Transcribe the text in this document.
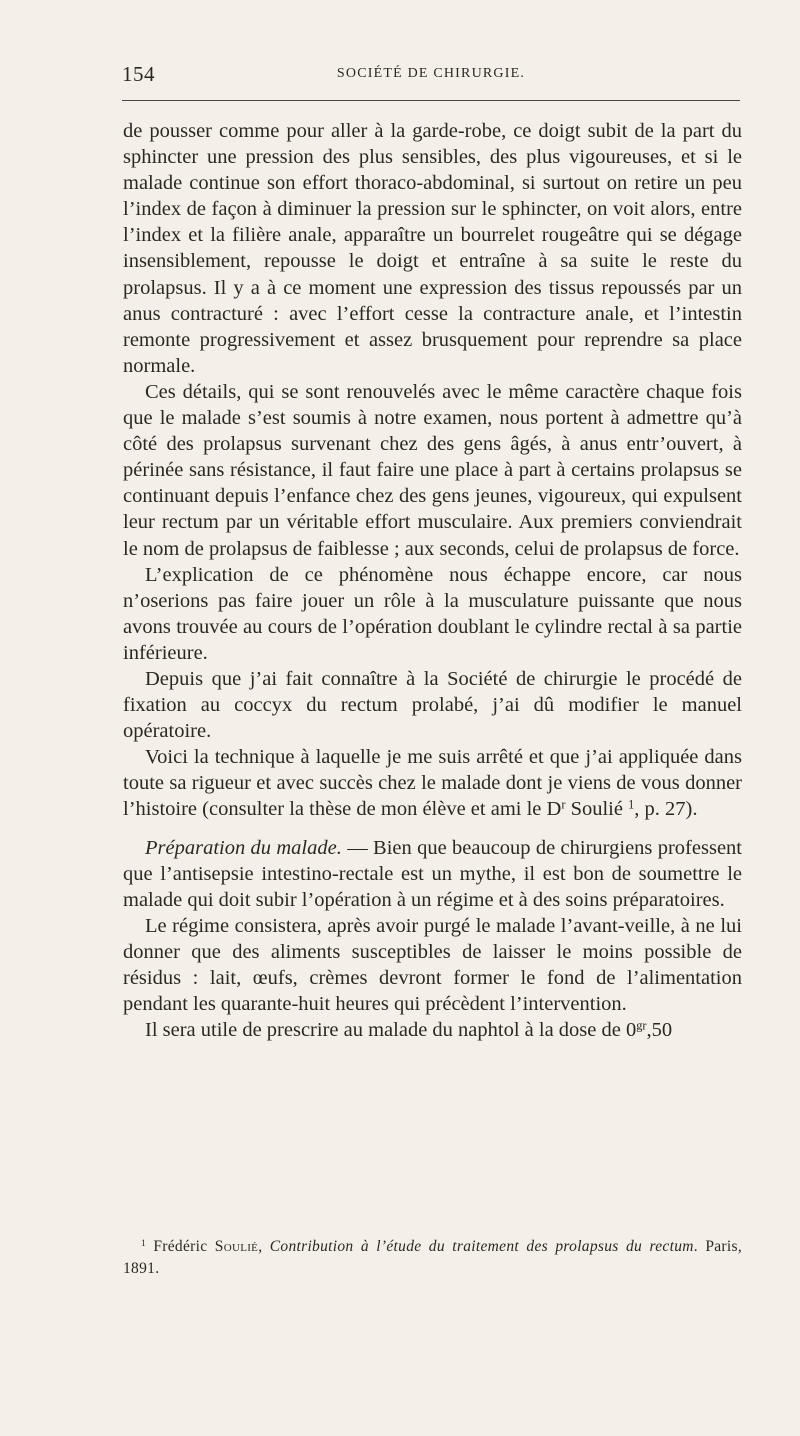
154	SOCIÉTÉ DE CHIRURGIE.

de pousser comme pour aller à la garde-robe, ce doigt subit de la part du sphincter une pression des plus sensibles, des plus vigoureuses, et si le malade continue son effort thoraco-abdominal, si surtout on retire un peu l’index de façon à diminuer la pression sur le sphincter, on voit alors, entre l’index et la filière anale, apparaître un bourrelet rougeâtre qui se dégage insensiblement, repousse le doigt et entraîne à sa suite le reste du prolapsus. Il y a à ce moment une expression des tissus repoussés par un anus contracturé : avec l’effort cesse la contracture anale, et l’intestin remonte progressivement et assez brusquement pour reprendre sa place normale.

Ces détails, qui se sont renouvelés avec le même caractère chaque fois que le malade s’est soumis à notre examen, nous portent à admettre qu’à côté des prolapsus survenant chez des gens âgés, à anus entr’ouvert, à périnée sans résistance, il faut faire une place à part à certains prolapsus se continuant depuis l’enfance chez des gens jeunes, vigoureux, qui expulsent leur rectum par un véritable effort musculaire. Aux premiers conviendrait le nom de prolapsus de faiblesse ; aux seconds, celui de prolapsus de force.

L’explication de ce phénomène nous échappe encore, car nous n’oserions pas faire jouer un rôle à la musculature puissante que nous avons trouvée au cours de l’opération doublant le cylindre rectal à sa partie inférieure.

Depuis que j’ai fait connaître à la Société de chirurgie le procédé de fixation au coccyx du rectum prolabé, j’ai dû modifier le manuel opératoire.

Voici la technique à laquelle je me suis arrêté et que j’ai appliquée dans toute sa rigueur et avec succès chez le malade dont je viens de vous donner l’histoire (consulter la thèse de mon élève et ami le $D^r$ Soulié $^1$, p. 27).

Préparation du malade. — Bien que beaucoup de chirurgiens professent que l’antisepsie intestino-rectale est un mythe, il est bon de soumettre le malade qui doit subir l’opération à un régime et à des soins préparatoires.

Le régime consistera, après avoir purgé le malade l’avant-veille, à ne lui donner que des aliments susceptibles de laisser le moins possible de résidus : lait, œufs, crèmes devront former le fond de l’alimentation pendant les quarante-huit heures qui précèdent l’intervention.

Il sera utile de prescrire au malade du naphtol à la dose de $0^{gr},50$

$^1$ Frédéric Soulié, Contribution à l’étude du traitement des prolapsus du rectum. Paris, 1891.
